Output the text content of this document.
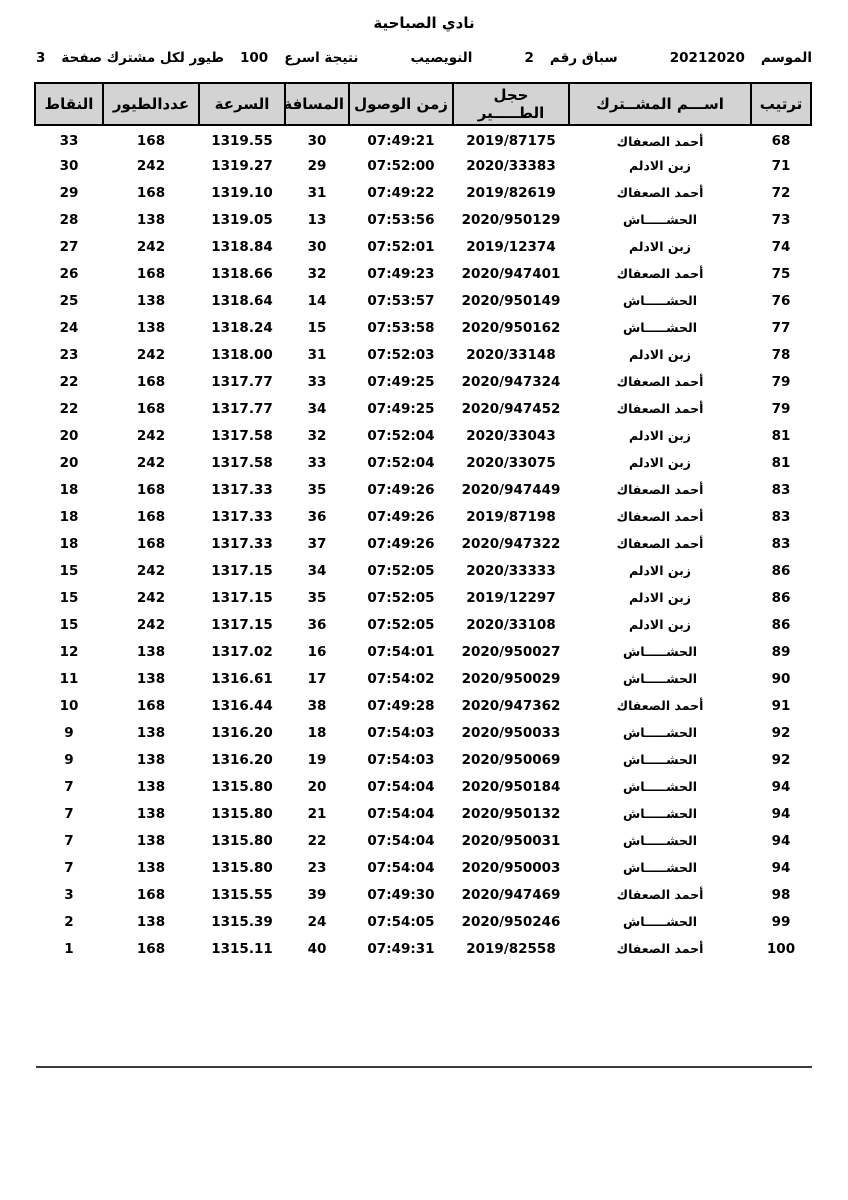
نادي الصباحية
الموسم
20212020
سباق رقم
2
النويصيب
نتيجة اسرع
100
طيور لكل مشترك صفحة
3
ترتيب	اســـم المشــترك	حجل الطـــــير	زمن الوصول	المسافة	السرعة	عددالطيور	النقاط
68	أحمد الصعفاك	2019/87175	07:49:21	30	1319.55	168	33
71	زبن الادلم	2020/33383	07:52:00	29	1319.27	242	30
72	أحمد الصعفاك	2019/82619	07:49:22	31	1319.10	168	29
73	الحشـــــاش	2020/950129	07:53:56	13	1319.05	138	28
74	زبن الادلم	2019/12374	07:52:01	30	1318.84	242	27
75	أحمد الصعفاك	2020/947401	07:49:23	32	1318.66	168	26
76	الحشـــــاش	2020/950149	07:53:57	14	1318.64	138	25
77	الحشـــــاش	2020/950162	07:53:58	15	1318.24	138	24
78	زبن الادلم	2020/33148	07:52:03	31	1318.00	242	23
79	أحمد الصعفاك	2020/947324	07:49:25	33	1317.77	168	22
79	أحمد الصعفاك	2020/947452	07:49:25	34	1317.77	168	22
81	زبن الادلم	2020/33043	07:52:04	32	1317.58	242	20
81	زبن الادلم	2020/33075	07:52:04	33	1317.58	242	20
83	أحمد الصعفاك	2020/947449	07:49:26	35	1317.33	168	18
83	أحمد الصعفاك	2019/87198	07:49:26	36	1317.33	168	18
83	أحمد الصعفاك	2020/947322	07:49:26	37	1317.33	168	18
86	زبن الادلم	2020/33333	07:52:05	34	1317.15	242	15
86	زبن الادلم	2019/12297	07:52:05	35	1317.15	242	15
86	زبن الادلم	2020/33108	07:52:05	36	1317.15	242	15
89	الحشـــــاش	2020/950027	07:54:01	16	1317.02	138	12
90	الحشـــــاش	2020/950029	07:54:02	17	1316.61	138	11
91	أحمد الصعفاك	2020/947362	07:49:28	38	1316.44	168	10
92	الحشـــــاش	2020/950033	07:54:03	18	1316.20	138	9
92	الحشـــــاش	2020/950069	07:54:03	19	1316.20	138	9
94	الحشـــــاش	2020/950184	07:54:04	20	1315.80	138	7
94	الحشـــــاش	2020/950132	07:54:04	21	1315.80	138	7
94	الحشـــــاش	2020/950031	07:54:04	22	1315.80	138	7
94	الحشـــــاش	2020/950003	07:54:04	23	1315.80	138	7
98	أحمد الصعفاك	2020/947469	07:49:30	39	1315.55	168	3
99	الحشـــــاش	2020/950246	07:54:05	24	1315.39	138	2
100	أحمد الصعفاك	2019/82558	07:49:31	40	1315.11	168	1
